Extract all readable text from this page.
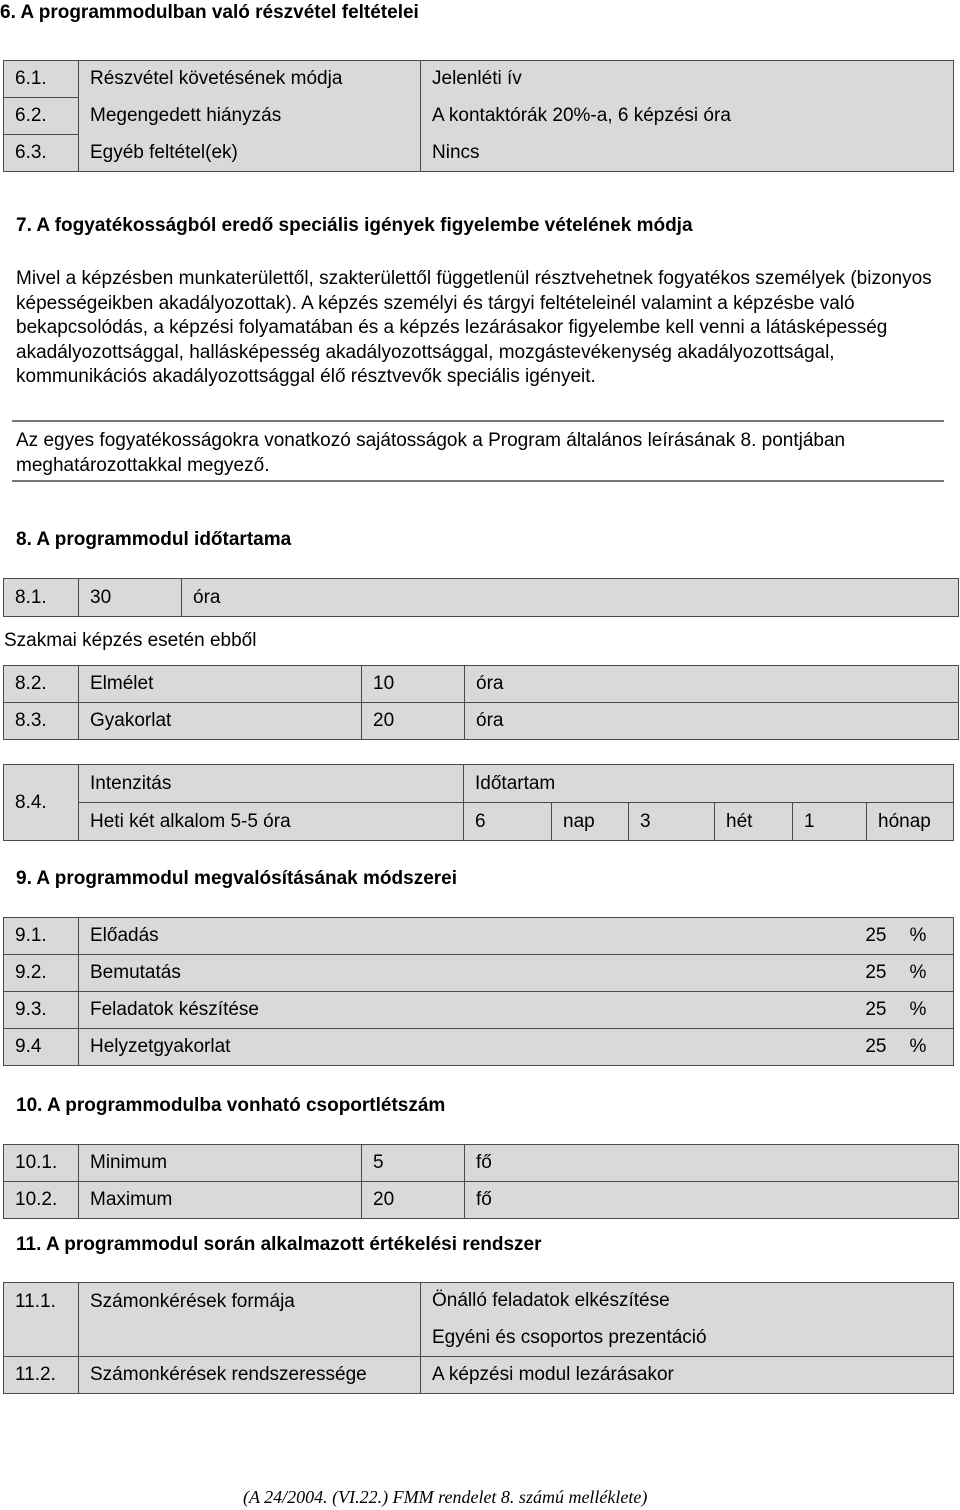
6. A programmodulban való részvétel feltételei
6.1.	Részvétel követésének módja	Jelenléti ív
6.2.	Megengedett hiányzás	A kontaktórák 20%-a, 6 képzési óra
6.3.	Egyéb feltétel(ek)	Nincs
7. A fogyatékosságból eredő speciális igények figyelembe vételének módja
Mivel a képzésben munkaterülettől, szakterülettől függetlenül résztvehetnek fogyatékos személyek (bizonyos képességeikben akadályozottak). A képzés személyi és tárgyi feltételeinél valamint a képzésbe való bekapcsolódás, a képzési folyamatában és a képzés lezárásakor figyelembe kell venni a látásképesség akadályozottsággal, hallásképesség akadályozottsággal, mozgástevékenység akadályozottságal, kommunikációs akadályozottsággal élő résztvevők speciális igényeit.
Az egyes fogyatékosságokra vonatkozó sajátosságok a Program általános leírásának 8. pontjában meghatározottakkal megyező.
8. A programmodul időtartama
8.1.	30	óra
Szakmai képzés esetén ebből
8.2.	Elmélet	10	óra
8.3.	Gyakorlat	20	óra
8.4.	Intenzitás	Időtartam					
	Heti két alkalom 5-5 óra	6	nap	3	hét	1	hónap
9. A programmodul megvalósításának módszerei
9.1.	Előadás	25	%
9.2.	Bemutatás	25	%
9.3.	Feladatok készítése	25	%
9.4	Helyzetgyakorlat	25	%
10. A programmodulba vonható csoportlétszám
10.1.	Minimum	5	fő
10.2.	Maximum	20	fő
11. A programmodul során alkalmazott értékelési rendszer
11.1.	Számonkérések formája	Önálló feladatok elkészítése
		Egyéni és csoportos prezentáció
11.2.	Számonkérések rendszeressége	A képzési modul lezárásakor
(A 24/2004. (VI.22.) FMM rendelet 8. számú melléklete)
